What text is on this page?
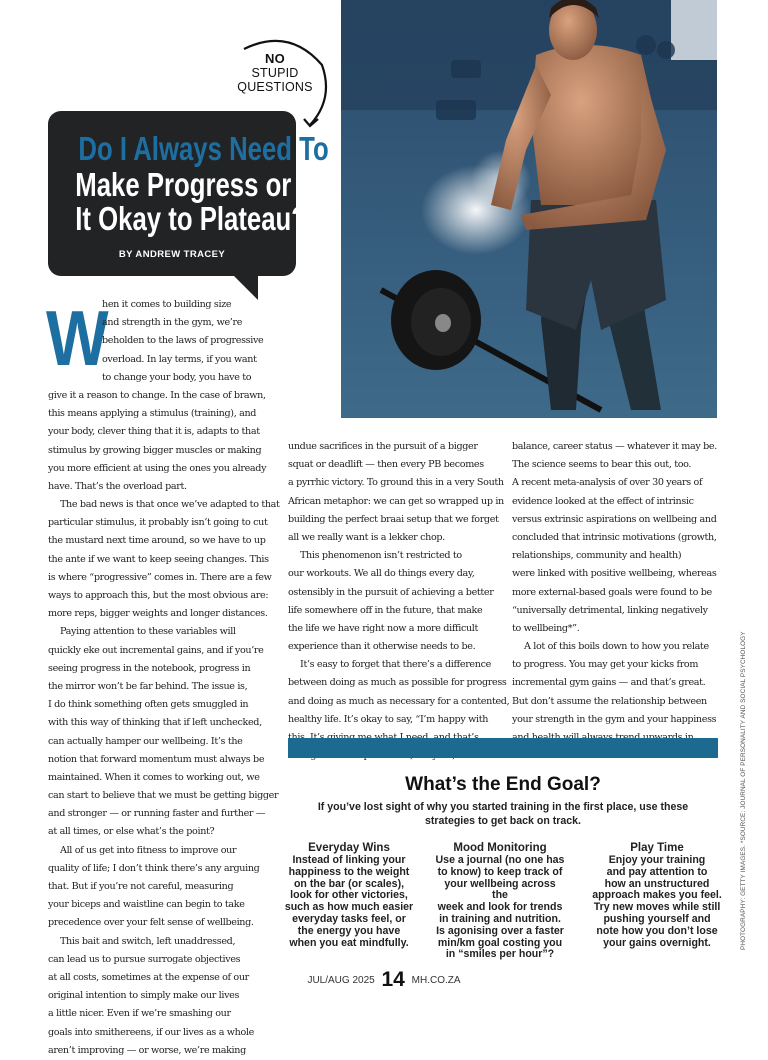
NO
STUPID
QUESTIONS
Do I Always Need To
Make Progress or Is
It Okay to Plateau?
BY ANDREW TRACEY
W
hen it comes to building size
and strength in the gym, we’re
beholden to the laws of progressive
overload. In lay terms, if you want
to change your body, you have to
give it a reason to change. In the case of brawn,
this means applying a stimulus (training), and
your body, clever thing that it is, adapts to that
stimulus by growing bigger muscles or making
you more efficient at using the ones you already
have. That’s the overload part.
The bad news is that once we’ve adapted to that
particular stimulus, it probably isn’t going to cut
the mustard next time around, so we have to up
the ante if we want to keep seeing changes. This
is where “progressive” comes in. There are a few
ways to approach this, but the most obvious are:
more reps, bigger weights and longer distances.
Paying attention to these variables will
quickly eke out incremental gains, and if you’re
seeing progress in the notebook, progress in
the mirror won’t be far behind. The issue is,
I do think something often gets smuggled in
with this way of thinking that if left unchecked,
can actually hamper our wellbeing. It’s the
notion that forward momentum must always be
maintained. When it comes to working out, we
can start to believe that we must be getting bigger
and stronger — or running faster and further —
at all times, or else what’s the point?
All of us get into fitness to improve our
quality of life; I don’t think there’s any arguing
that. But if you’re not careful, measuring
your biceps and waistline can begin to take
precedence over your felt sense of wellbeing.
This bait and switch, left unaddressed,
can lead us to pursue surrogate objectives
at all costs, sometimes at the expense of our
original intention to simply make our lives
a little nicer. Even if we’re smashing our
goals into smithereens, if our lives as a whole
aren’t improving — or worse, we’re making
undue sacrifices in the pursuit of a bigger
squat or deadlift — then every PB becomes
a pyrrhic victory. To ground this in a very South
African metaphor: we can get so wrapped up in
building the perfect braai setup that we forget
all we really want is a lekker chop.
This phenomenon isn’t restricted to
our workouts. We all do things every day,
ostensibly in the pursuit of achieving a better
life somewhere off in the future, that make
the life we have right now a more difficult
experience than it otherwise needs to be.
It’s easy to forget that there’s a difference
between doing as much as possible for progress
and doing as much as necessary for a contented,
healthy life. It’s okay to say, “I’m happy with
balance, career status — whatever it may be.
The science seems to bear this out, too.
A recent meta-analysis of over 30 years of
evidence looked at the effect of intrinsic
versus extrinsic aspirations on wellbeing and
concluded that intrinsic motivations (growth,
relationships, community and health)
were linked with positive wellbeing, whereas
more external-based goals were found to be
“universally detrimental, linking negatively
to wellbeing*”.
A lot of this boils down to how you relate
to progress. You may get your kicks from
incremental gym gains — and that’s great.
But don’t assume the relationship between
your strength in the gym and your happiness
What’s the End Goal?
If you’ve lost sight of why you started training in the first place, use these
strategies to get back on track.
Everyday Wins
Instead of linking your
happiness to the weight
on the bar (or scales),
look for other victories,
such as how much easier
everyday tasks feel, or
the energy you have
when you eat mindfully.
Mood Monitoring
Use a journal (no one has
to know) to keep track of
your wellbeing across the
week and look for trends
in training and nutrition.
Is agonising over a faster
min/km goal costing you
in “smiles per hour”?
Play Time
Enjoy your training
and pay attention to
how an unstructured
approach makes you feel.
Try new moves while still
pushing yourself and
note how you don’t lose
your gains overnight.
JUL/AUG 2025 14 MH.CO.ZA
PHOTOGRAPHY: GETTY IMAGES. *SOURCE: JOURNAL OF PERSONALITY AND SOCIAL PSYCHOLOGY
